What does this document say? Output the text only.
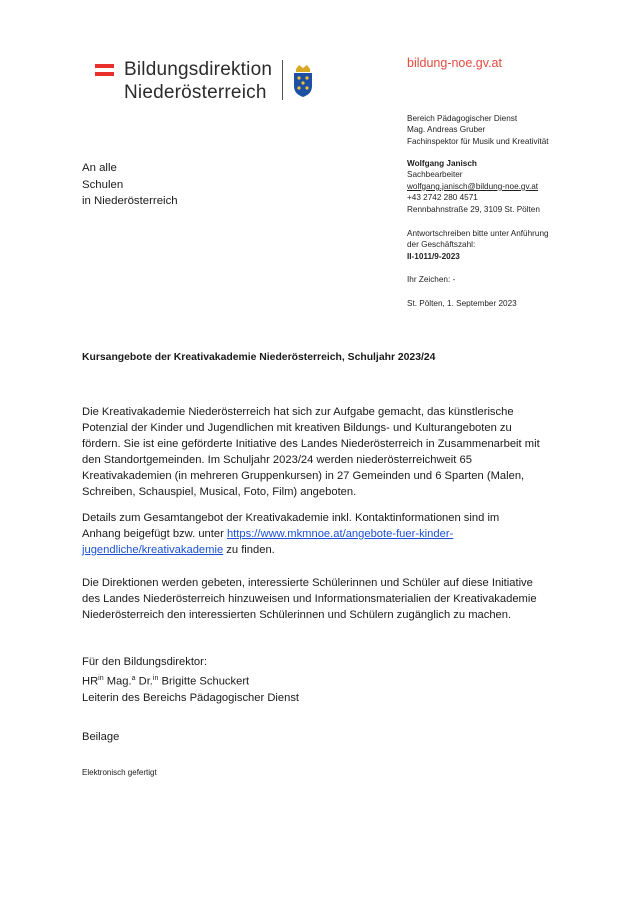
Bildungsdirektion
Niederösterreich
bildung-noe.gv.at
Bereich Pädagogischer Dienst
Mag. Andreas Gruber
Fachinspektor für Musik und Kreativität
Wolfgang Janisch
Sachbearbeiter
wolfgang.janisch@bildung-noe.gv.at
+43 2742 280 4571
Rennbahnstraße 29, 3109 St. Pölten
Antwortschreiben bitte unter Anführung
der Geschäftszahl:
II-1011/9-2023
Ihr Zeichen: -
St. Pölten, 1. September 2023
An alle
Schulen
in Niederösterreich
Kursangebote der Kreativakademie Niederösterreich, Schuljahr 2023/24
Die Kreativakademie Niederösterreich hat sich zur Aufgabe gemacht, das künstlerische
Potenzial der Kinder und Jugendlichen mit kreativen Bildungs- und Kulturangeboten zu
fördern. Sie ist eine geförderte Initiative des Landes Niederösterreich in Zusammenarbeit mit
den Standortgemeinden. Im Schuljahr 2023/24 werden niederösterreichweit 65
Kreativakademien (in mehreren Gruppenkursen) in 27 Gemeinden und 6 Sparten (Malen,
Schreiben, Schauspiel, Musical, Foto, Film) angeboten.
Details zum Gesamtangebot der Kreativakademie inkl. Kontaktinformationen sind im
Anhang beigefügt bzw. unter https://www.mkmnoe.at/angebote-fuer-kinder-
jugendliche/kreativakademie zu finden.
Die Direktionen werden gebeten, interessierte Schülerinnen und Schüler auf diese Initiative
des Landes Niederösterreich hinzuweisen und Informationsmaterialien der Kreativakademie
Niederösterreich den interessierten Schülerinnen und Schülern zugänglich zu machen.
Für den Bildungsdirektor:
$HR^{in}$ Mag.$^a$ Dr.$^{in}$ Brigitte Schuckert
Leiterin des Bereichs Pädagogischer Dienst
Beilage
Elektronisch gefertigt
